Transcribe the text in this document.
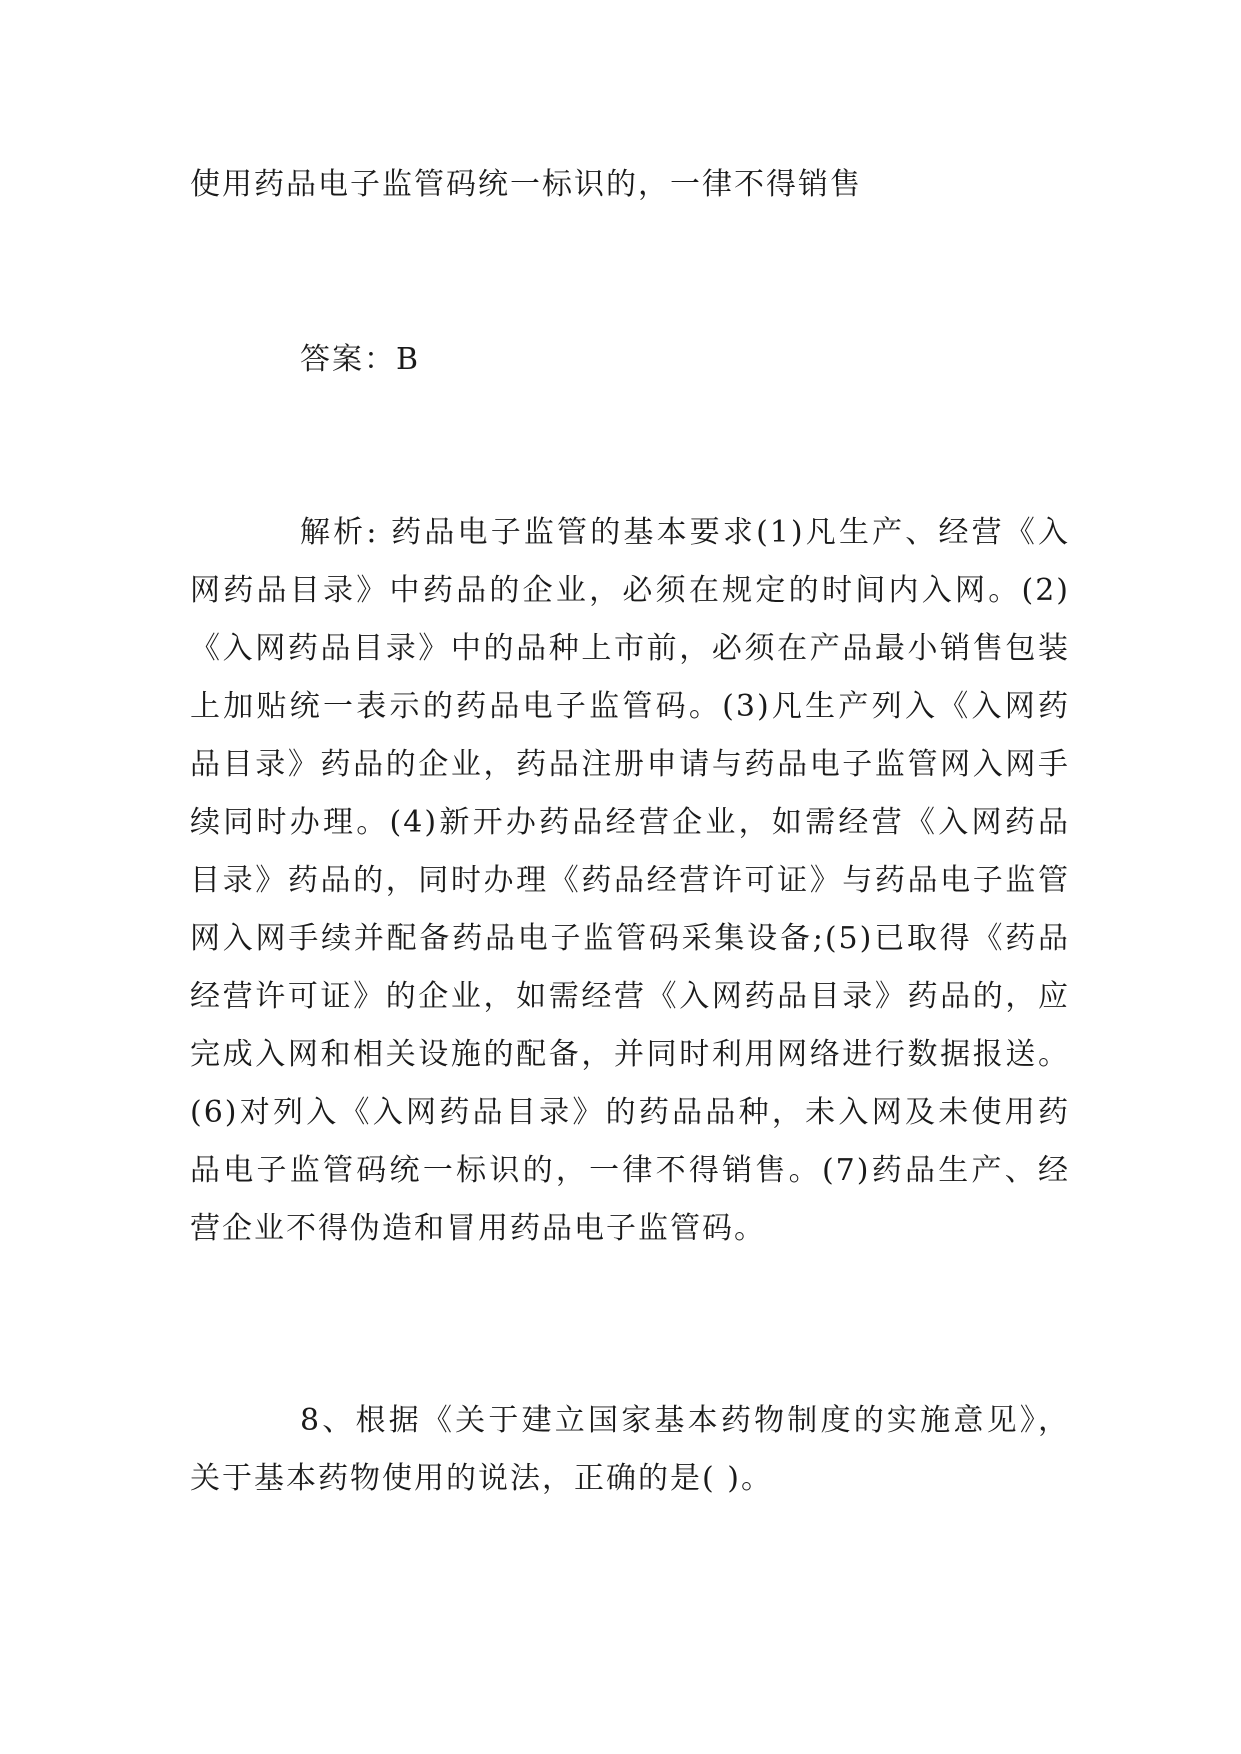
使用药品电子监管码统一标识的，一律不得销售

答案：B

解析: 药品电子监管的基本要求(1)凡生产、经营《入网药品目录》中药品的企业，必须在规定的时间内入网。(2)《入网药品目录》中的品种上市前，必须在产品最小销售包装上加贴统一表示的药品电子监管码。(3)凡生产列入《入网药品目录》药品的企业，药品注册申请与药品电子监管网入网手续同时办理。(4)新开办药品经营企业，如需经营《入网药品目录》药品的，同时办理《药品经营许可证》与药品电子监管网入网手续并配备药品电子监管码采集设备;(5)已取得《药品经营许可证》的企业，如需经营《入网药品目录》药品的，应完成入网和相关设施的配备，并同时利用网络进行数据报送。(6)对列入《入网药品目录》的药品品种，未入网及未使用药品电子监管码统一标识的，一律不得销售。(7)药品生产、经营企业不得伪造和冒用药品电子监管码。

8、根据《关于建立国家基本药物制度的实施意见》，关于基本药物使用的说法，正确的是( )。
